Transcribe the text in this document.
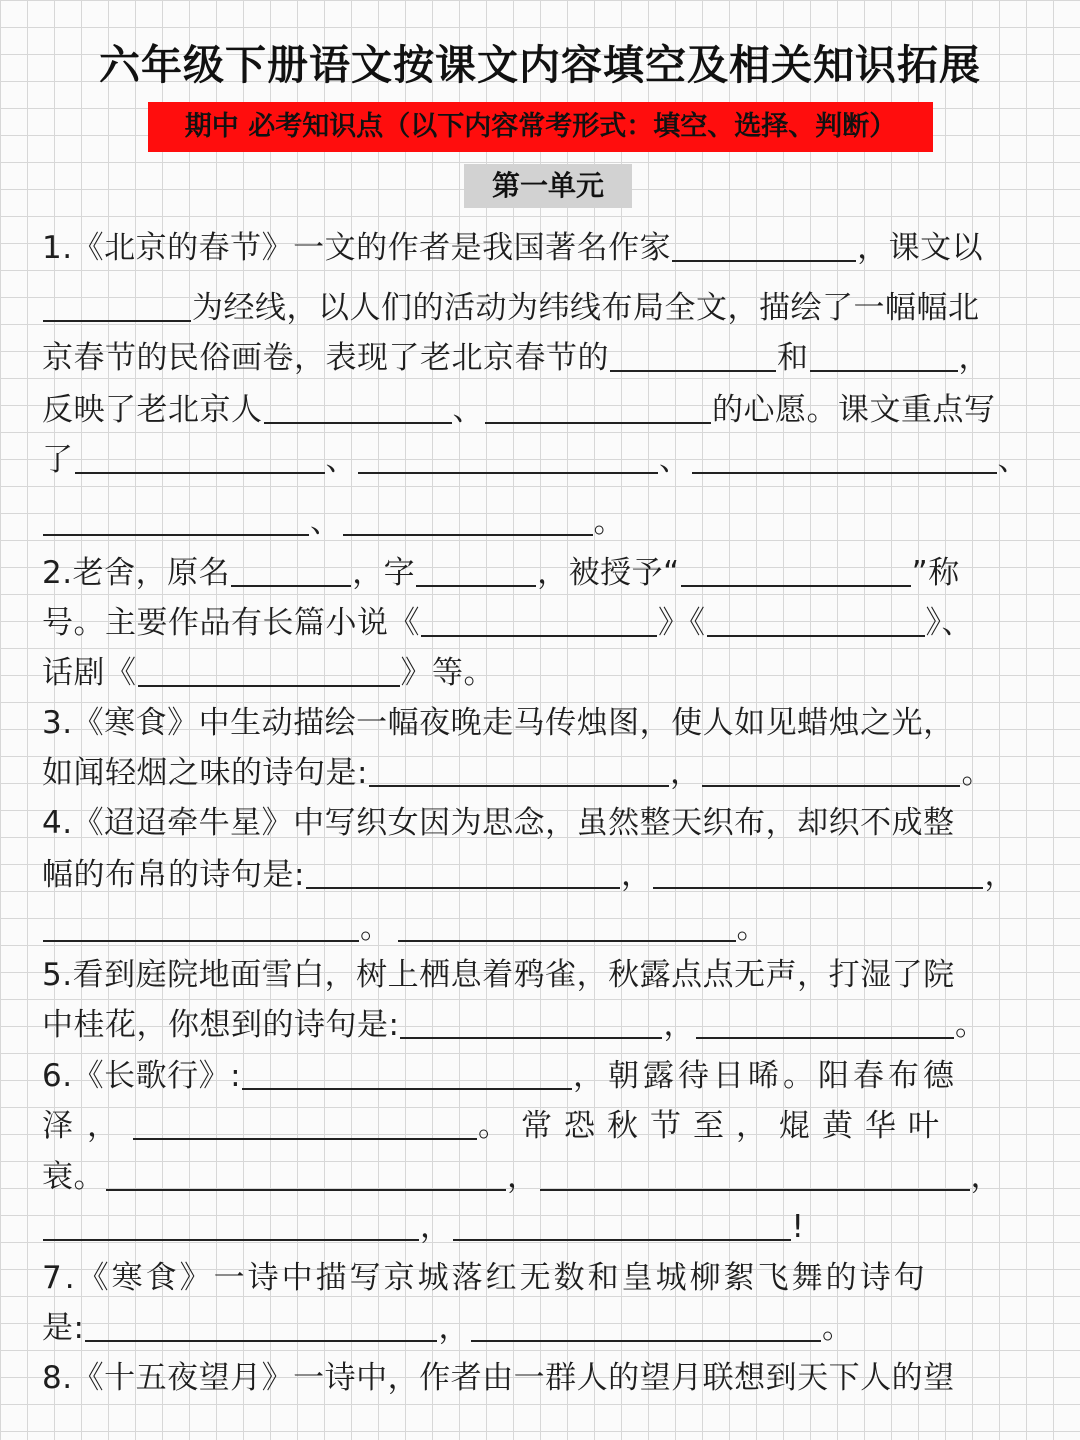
六年级下册语文按课文内容填空及相关知识拓展
期中 必考知识点（以下内容常考形式：填空、选择、判断）
第一单元
1.《北京的春节》一文的作者是我国著名作家	，课文以
为经线，以人们的活动为纬线布局全文，描绘了一幅幅北
京春节的民俗画卷，表现了老北京春节的	和	，
反映了老北京人	、	的心愿。课文重点写
了	、	、	、
、	。
2.老舍，原名	，字	，被授予“	”称
号。主要作品有长篇小说《	》《	》、
话剧《	》等。
3.《寒食》中生动描绘一幅夜晚走马传烛图，使人如见蜡烛之光，
如闻轻烟之味的诗句是:	，	。
4.《迢迢牵牛星》中写织女因为思念，虽然整天织布，却织不成整
幅的布帛的诗句是:	，	，
。	。
5.看到庭院地面雪白，树上栖息着鸦雀，秋露点点无声，打湿了院
中桂花，你想到的诗句是:	，	。
6.《长歌行》:	，朝露待日晞。阳春布德
泽，	。常恐秋节至，焜黄华叶
衰。	，	，
，	!
7.《寒食》一诗中描写京城落红无数和皇城柳絮飞舞的诗句
是:	，	。
8.《十五夜望月》一诗中，作者由一群人的望月联想到天下人的望
